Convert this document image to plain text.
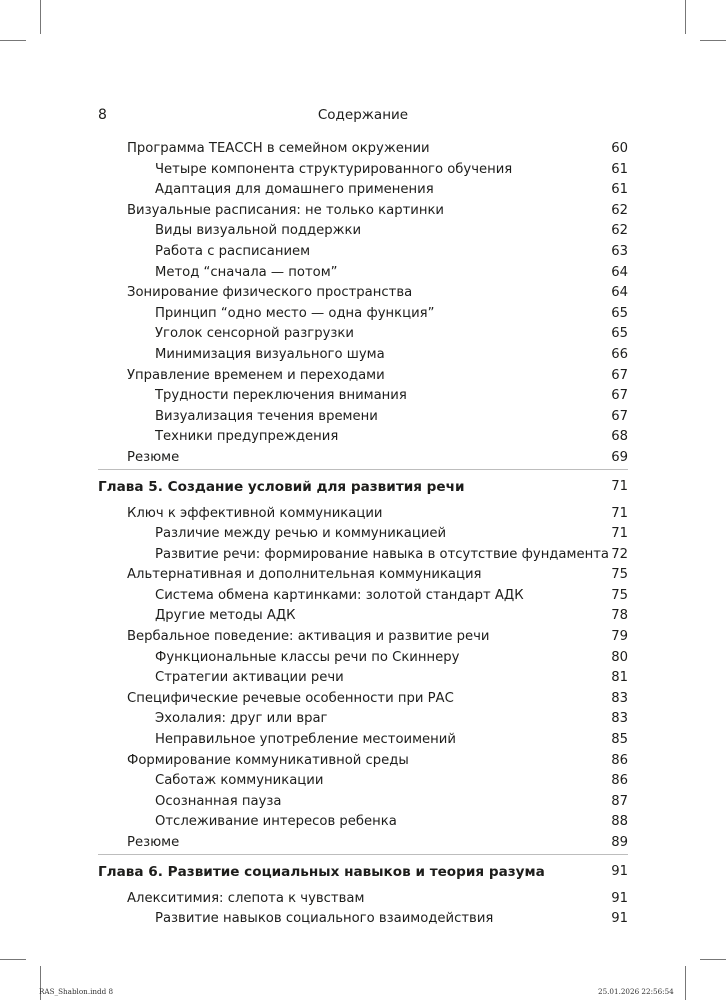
8	Содержание
Программа ТЕАССН в семейном окружении	60
Четыре компонента структурированного обучения	61
Адаптация для домашнего применения	61
Визуальные расписания: не только картинки	62
Виды визуальной поддержки	62
Работа с расписанием	63
Метод “сначала — потом”	64
Зонирование физического пространства	64
Принцип “одно место — одна функция”	65
Уголок сенсорной разгрузки	65
Минимизация визуального шума	66
Управление временем и переходами	67
Трудности переключения внимания	67
Визуализация течения времени	67
Техники предупреждения	68
Резюме	69
Глава 5. Создание условий для развития речи	71
Ключ к эффективной коммуникации	71
Различие между речью и коммуникацией	71
Развитие речи: формирование навыка в отсутствие фундамента 72
Альтернативная и дополнительная коммуникация	75
Система обмена картинками: золотой стандарт АДК	75
Другие методы АДК	78
Вербальное поведение: активация и развитие речи	79
Функциональные классы речи по Скиннеру	80
Стратегии активации речи	81
Специфические речевые особенности при РАС	83
Эхолалия: друг или враг	83
Неправильное употребление местоимений	85
Формирование коммуникативной среды	86
Саботаж коммуникации	86
Осознанная пауза	87
Отслеживание интересов ребенка	88
Резюме	89
Глава 6. Развитие социальных навыков и теория разума	91
Алекситимия: слепота к чувствам	91
Развитие навыков социального взаимодействия	91
RAS_Shablon.indd 8	25.01.2026 22:56:54
